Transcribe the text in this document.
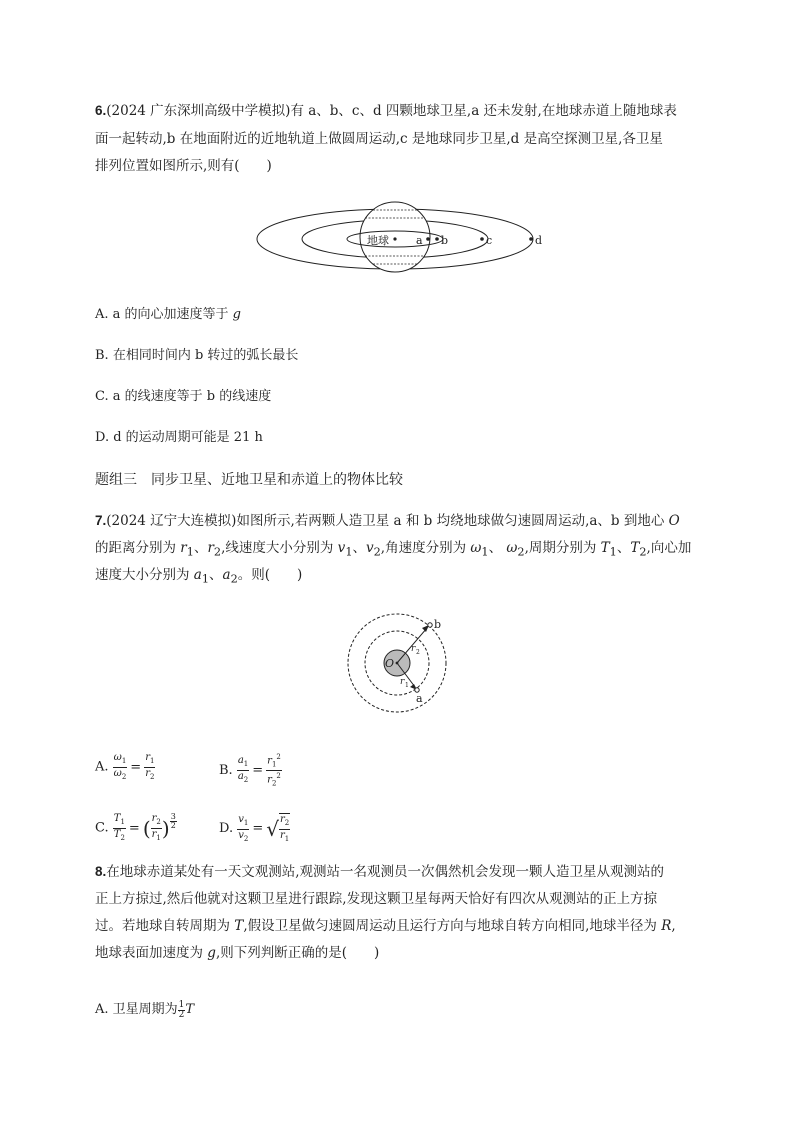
6.(2024 广东深圳高级中学模拟)有 a、b、c、d 四颗地球卫星,a 还未发射,在地球赤道上随地球表
面一起转动,b 在地面附近的近地轨道上做圆周运动,c 是地球同步卫星,d 是高空探测卫星,各卫星
排列位置如图所示,则有(　　)
地球 a b	c	d
A. a 的向心加速度等于 g
B. 在相同时间内 b 转过的弧长最长
C. a 的线速度等于 b 的线速度
D. d 的运动周期可能是 21 h
题组三　同步卫星、近地卫星和赤道上的物体比较
7.(2024 辽宁大连模拟)如图所示,若两颗人造卫星 a 和 b 均绕地球做匀速圆周运动,a、b 到地心 O
的距离分别为 $r_1$、$r_2$,线速度大小分别为 $v_1$、$v_2$,角速度分别为 $\omega_1$、 $\omega_2$,周期分别为 $T_1$、$T_2$,向心加
速度大小分别为 $a_1$、$a_2$。则(　　)
O
b
r 2
a
r 1
A. $\frac{\omega_1}{\omega_2} = \frac{r_1}{r_2}$	B. $\frac{a_1}{a_2} = \frac{r_1^2}{r_2^2}$
C. $\frac{T_1}{T_2}$ = ( $\frac{r_2}{r_1}$ ) $\frac{3}{2}$	D. $\frac{v_1}{v_2}$ = √ $\frac{r_2}{r_1}$
8.在地球赤道某处有一天文观测站,观测站一名观测员一次偶然机会发现一颗人造卫星从观测站的
正上方掠过,然后他就对这颗卫星进行跟踪,发现这颗卫星每两天恰好有四次从观测站的正上方掠
过。若地球自转周期为 T,假设卫星做匀速圆周运动且运行方向与地球自转方向相同,地球半径为 R,
地球表面加速度为 g,则下列判断正确的是(　　)
A. 卫星周期为 $\frac{1}{2}$ T
